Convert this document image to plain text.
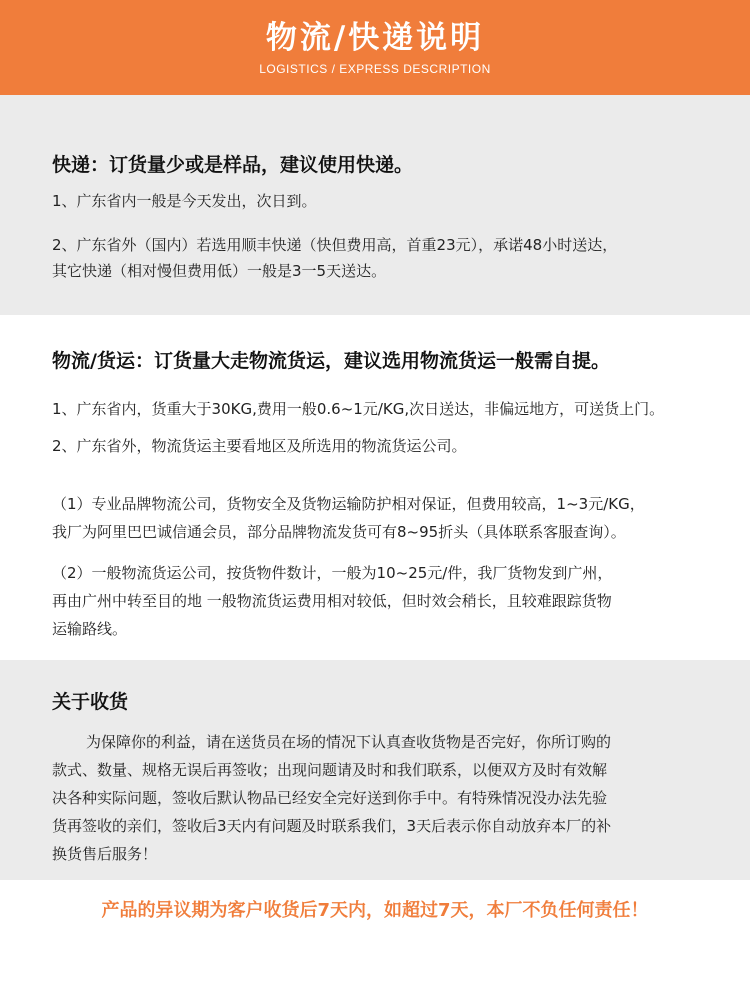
物流/快递说明
LOGISTICS / EXPRESS DESCRIPTION
快递：订货量少或是样品，建议使用快递。
1、广东省内一般是今天发出，次日到。
2、广东省外（国内）若选用顺丰快递（快但费用高，首重23元），承诺48小时送达，
其它快递（相对慢但费用低）一般是3一5天送达。
物流/货运：订货量大走物流货运，建议选用物流货运一般需自提。
1、广东省内，货重大于30KG,费用一般0.6~1元/KG,次日送达，非偏远地方，可送货上门。
2、广东省外，物流货运主要看地区及所选用的物流货运公司。
（1）专业品牌物流公司，货物安全及货物运输防护相对保证，但费用较高，1~3元/KG，
我厂为阿里巴巴诚信通会员，部分品牌物流发货可有8~95折头（具体联系客服查询）。
（2）一般物流货运公司，按货物件数计，一般为10~25元/件，我厂货物发到广州，
再由广州中转至目的地 一般物流货运费用相对较低，但时效会稍长，且较难跟踪货物
运输路线。
关于收货
为保障你的利益，请在送货员在场的情况下认真查收货物是否完好，你所订购的
款式、数量、规格无误后再签收；出现问题请及时和我们联系，以便双方及时有效解
决各种实际问题，签收后默认物品已经安全完好送到你手中。有特殊情况没办法先验
货再签收的亲们，签收后3天内有问题及时联系我们，3天后表示你自动放弃本厂的补
换货售后服务！
产品的异议期为客户收货后7天内，如超过7天，本厂不负任何责任！
